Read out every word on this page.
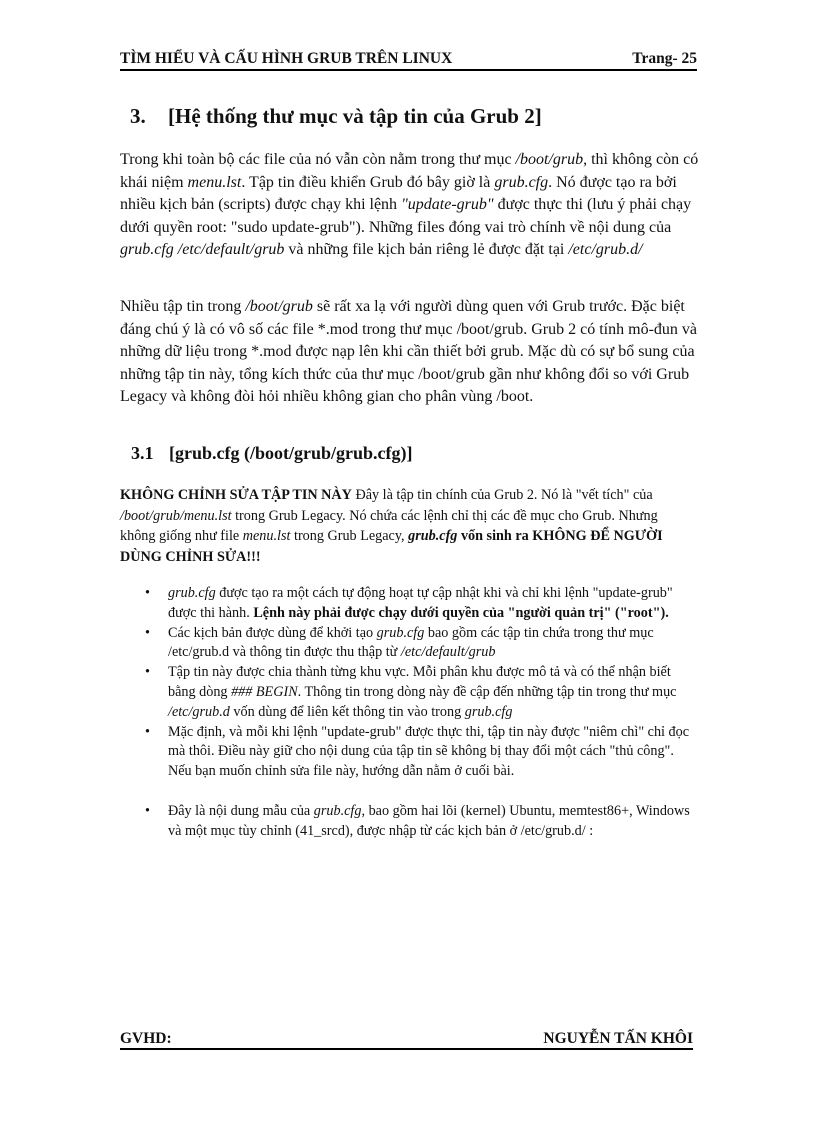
TÌM HIỂU VÀ CẤU HÌNH GRUB TRÊN LINUX	Trang- 25
3. [Hệ thống thư mục và tập tin của Grub 2]
Trong khi toàn bộ các file của nó vẫn còn nằm trong thư mục /boot/grub, thì không còn có khái niệm menu.lst. Tập tin điều khiển Grub đó bây giờ là grub.cfg. Nó được tạo ra bởi nhiều kịch bản (scripts) được chạy khi lệnh "update-grub" được thực thi (lưu ý phải chạy dưới quyền root: "sudo update-grub"). Những files đóng vai trò chính về nội dung của grub.cfg /etc/default/grub và những file kịch bản riêng lẻ được đặt tại /etc/grub.d/
Nhiều tập tin trong /boot/grub sẽ rất xa lạ với người dùng quen với Grub trước. Đặc biệt đáng chú ý là có vô số các file *.mod trong thư mục /boot/grub. Grub 2 có tính mô-đun và những dữ liệu trong *.mod được nạp lên khi cần thiết bởi grub. Mặc dù có sự bổ sung của những tập tin này, tổng kích thức của thư mục /boot/grub gần như không đổi so với Grub Legacy và không đòi hỏi nhiều không gian cho phân vùng /boot.
3.1 [grub.cfg (/boot/grub/grub.cfg)]
KHÔNG CHỈNH SỬA TẬP TIN NÀY Đây là tập tin chính của Grub 2. Nó là "vết tích" của /boot/grub/menu.lst trong Grub Legacy. Nó chứa các lệnh chỉ thị các đề mục cho Grub. Nhưng không giống như file menu.lst trong Grub Legacy, grub.cfg vốn sinh ra KHÔNG ĐỂ NGƯỜI DÙNG CHỈNH SỬA!!!
• grub.cfg được tạo ra một cách tự động hoạt tự cập nhật khi và chỉ khi lệnh "update-grub" được thi hành. Lệnh này phải được chạy dưới quyền của "người quản trị" ("root").
• Các kịch bản được dùng để khởi tạo grub.cfg bao gồm các tập tin chứa trong thư mục /etc/grub.d và thông tin được thu thập từ /etc/default/grub
• Tập tin này được chia thành từng khu vực. Mỗi phân khu được mô tả và có thể nhận biết bằng dòng ### BEGIN. Thông tin trong dòng này đề cập đến những tập tin trong thư mục /etc/grub.d vốn dùng để liên kết thông tin vào trong grub.cfg
• Mặc định, và mỗi khi lệnh "update-grub" được thực thi, tập tin này được "niêm chì" chỉ đọc mà thôi. Điều này giữ cho nội dung của tập tin sẽ không bị thay đổi một cách "thủ công". Nếu bạn muốn chỉnh sửa file này, hướng dẫn nằm ở cuối bài.
• Đây là nội dung mẫu của grub.cfg, bao gồm hai lõi (kernel) Ubuntu, memtest86+, Windows và một mục tùy chỉnh (41_srcd), được nhập từ các kịch bản ở /etc/grub.d/ :
GVHD:	NGUYỄN TẤN KHÔI
